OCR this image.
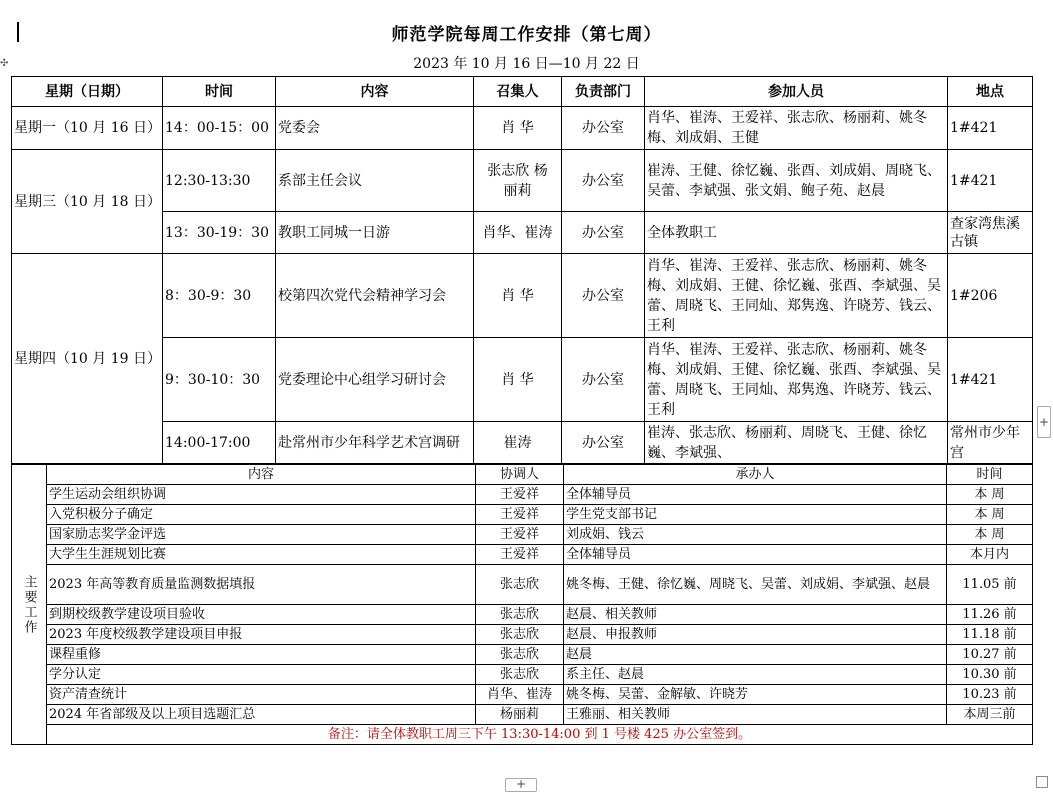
✣
师范学院每周工作安排（第七周）
2023 年 10 月 16 日—10 月 22 日
星期（日期）	时间	内容	召集人	负责部门	参加人员	地点
星期一（10 月 16 日）	14：00-15：00	党委会	肖 华	办公室	肖华、崔涛、王爱祥、张志欣、杨丽莉、姚冬梅、刘成娟、王健	1#421
星期三（10 月 18 日）	12:30-13:30	系部主任会议	张志欣 杨丽莉	办公室	崔涛、王健、徐忆巍、张酉、刘成娟、周晓飞、吴蕾、李斌强、张文娟、鲍子苑、赵晨	1#421
	13：30-19：30	教职工同城一日游	肖华、崔涛	办公室	全体教职工	查家湾焦溪古镇
星期四（10 月 19 日）	8：30-9：30	校第四次党代会精神学习会	肖 华	办公室	肖华、崔涛、王爱祥、张志欣、杨丽莉、姚冬梅、刘成娟、王健、徐忆巍、张酉、李斌强、吴蕾、周晓飞、王同灿、郑隽逸、许晓芳、钱云、王利	1#206
	9：30-10：30	党委理论中心组学习研讨会	肖 华	办公室	肖华、崔涛、王爱祥、张志欣、杨丽莉、姚冬梅、刘成娟、王健、徐忆巍、张酉、李斌强、吴蕾、周晓飞、王同灿、郑隽逸、许晓芳、钱云、王利	1#421
	14:00-17:00	赴常州市少年科学艺术宫调研	崔涛	办公室	崔涛、张志欣、杨丽莉、周晓飞、王健、徐忆巍、李斌强、	常州市少年宫
主要工作	内容	协调人	承办人	时间
	学生运动会组织协调	王爱祥	全体辅导员	本 周
	入党积极分子确定	王爱祥	学生党支部书记	本 周
	国家励志奖学金评选	王爱祥	刘成娟、钱云	本 周
	大学生生涯规划比赛	王爱祥	全体辅导员	本月内
	2023 年高等教育质量监测数据填报	张志欣	姚冬梅、王健、徐忆巍、周晓飞、吴蕾、刘成娟、李斌强、赵晨	11.05 前
	到期校级教学建设项目验收	张志欣	赵晨、相关教师	11.26 前
	2023 年度校级教学建设项目申报	张志欣	赵晨、申报教师	11.18 前
	课程重修	张志欣	赵晨	10.27 前
	学分认定	张志欣	系主任、赵晨	10.30 前
	资产清查统计	肖华、崔涛	姚冬梅、吴蕾、金解敏、许晓芳	10.23 前
	2024 年省部级及以上项目选题汇总	杨丽莉	王雅丽、相关教师	本周三前
	备注：请全体教职工周三下午 13:30-14:00 到 1 号楼 425 办公室签到。			
+
+
